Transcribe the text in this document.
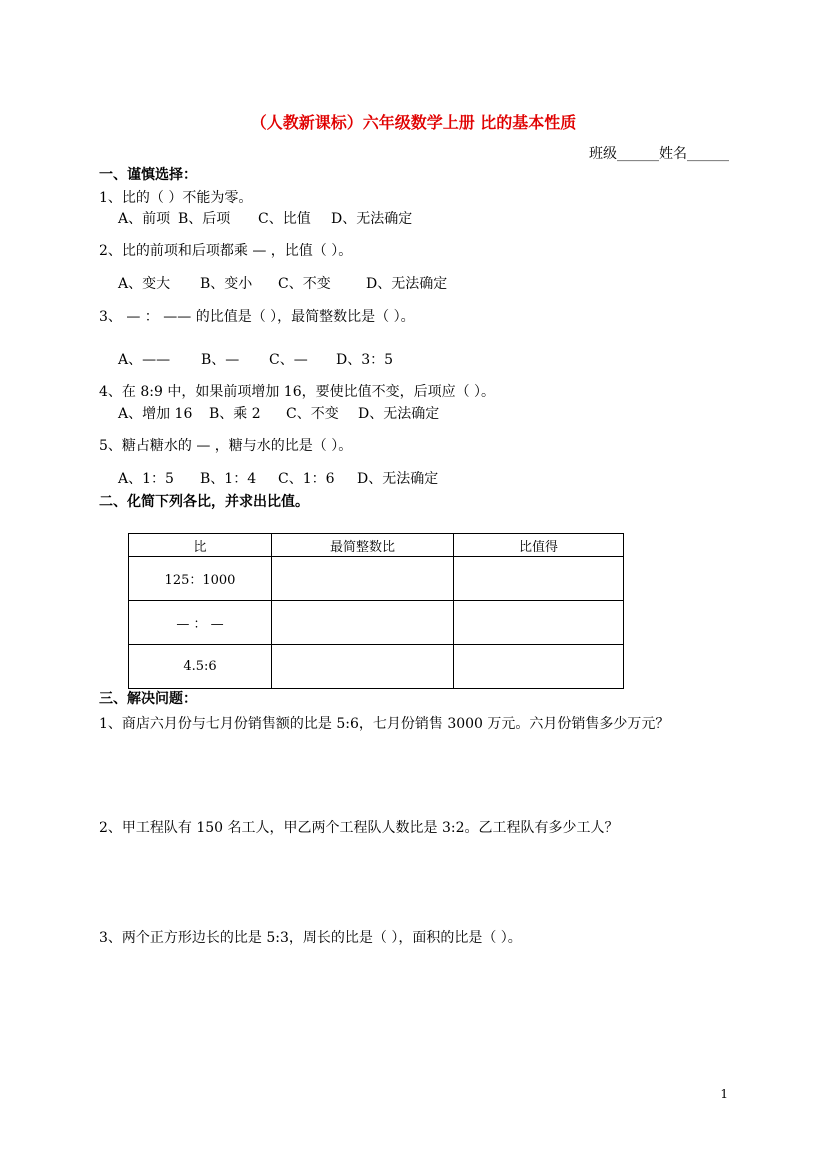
（人教新课标）六年级数学上册 比的基本性质
班级______姓名______
一、谨慎选择：
1、比的（ ）不能为零。
A、前项 B、后项 C、比值 D、无法确定
2、比的前项和后项都乘 — ，比值（ ）。
A、变大 B、变小 C、不变	D、无法确定
3、 — ： —— 的比值是（ ），最简整数比是（ ）。
A、—— B、— C、— D、3：5
4、在 8:9 中，如果前项增加 16，要使比值不变，后项应（ ）。
A、增加 16 B、乘 2 C、不变 D、无法确定
5、糖占糖水的 — ，糖与水的比是（ ）。
A、1：5 B、1：4 C、1：6 D、无法确定
二、化简下列各比，并求出比值。
比	最简整数比	比值得
125：1000		
— ： —		
4.5:6		
三、解决问题：
1、商店六月份与七月份销售额的比是 5:6，七月份销售 3000 万元。六月份销售多少万元？
2、甲工程队有 150 名工人，甲乙两个工程队人数比是 3:2。乙工程队有多少工人？
3、两个正方形边长的比是 5:3，周长的比是（ ），面积的比是（ ）。
1
